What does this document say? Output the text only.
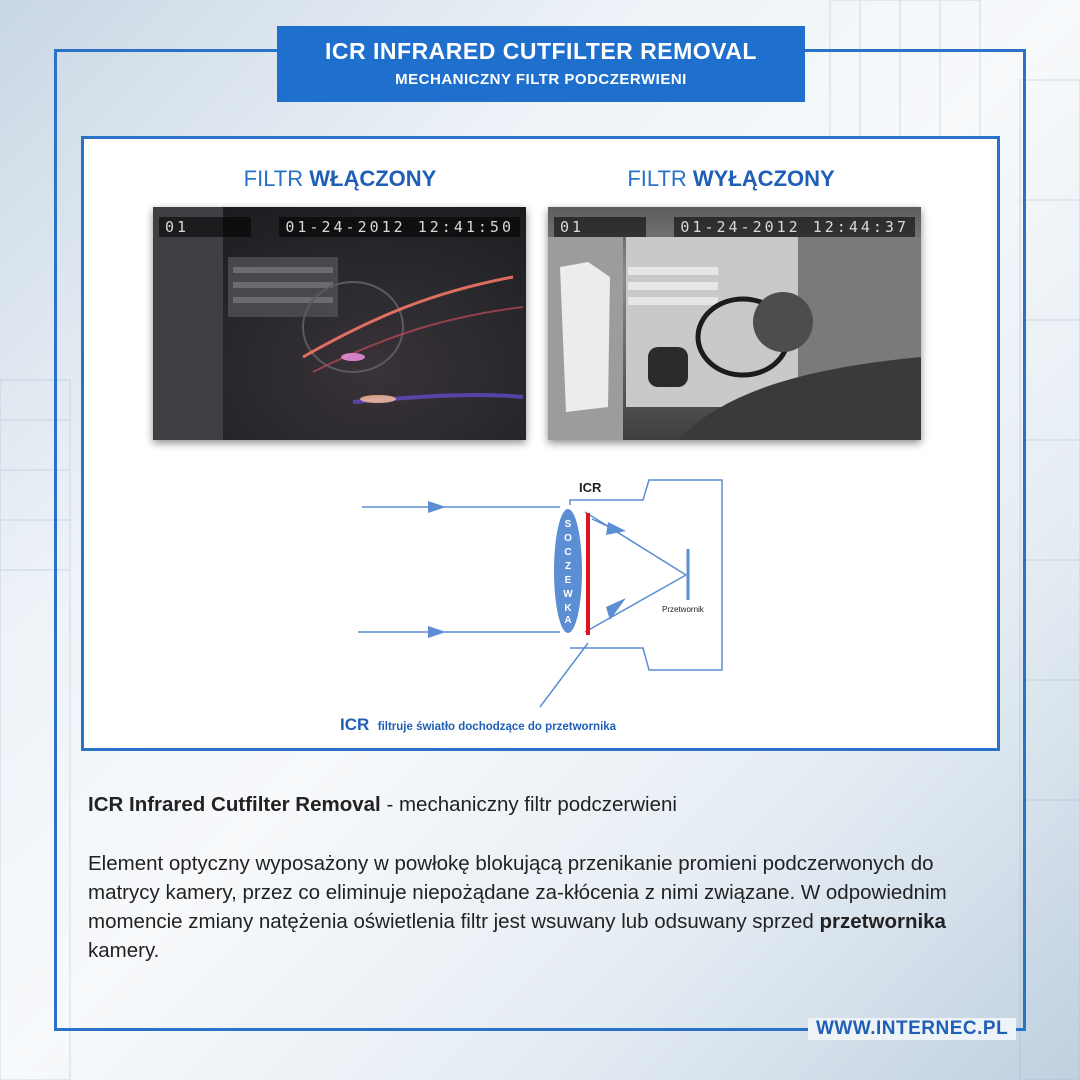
ICR INFRARED CUTFILTER REMOVAL
MECHANICZNY FILTR PODCZERWIENI
FILTR WŁĄCZONY	FILTR WYŁĄCZONY
01	01-24-2012 12:41:50	01	01-24-2012 12:44:37
ICR
Przetwornik
S
O
C
Z
E
W
K
A
ICR filtruje światło dochodzące do przetwornika

ICR Infrared Cutfilter Removal - mechaniczny filtr podczerwieni

Element optyczny wyposażony w powłokę blokującą przenikanie promieni podczerwonych do matrycy kamery, przez co eliminuje niepożądane za-kłócenia z nimi związane. W odpowiednim momencie zmiany natężenia oświetlenia filtr jest wsuwany lub odsuwany sprzed przetwornika kamery.

WWW.INTERNEC.PL
